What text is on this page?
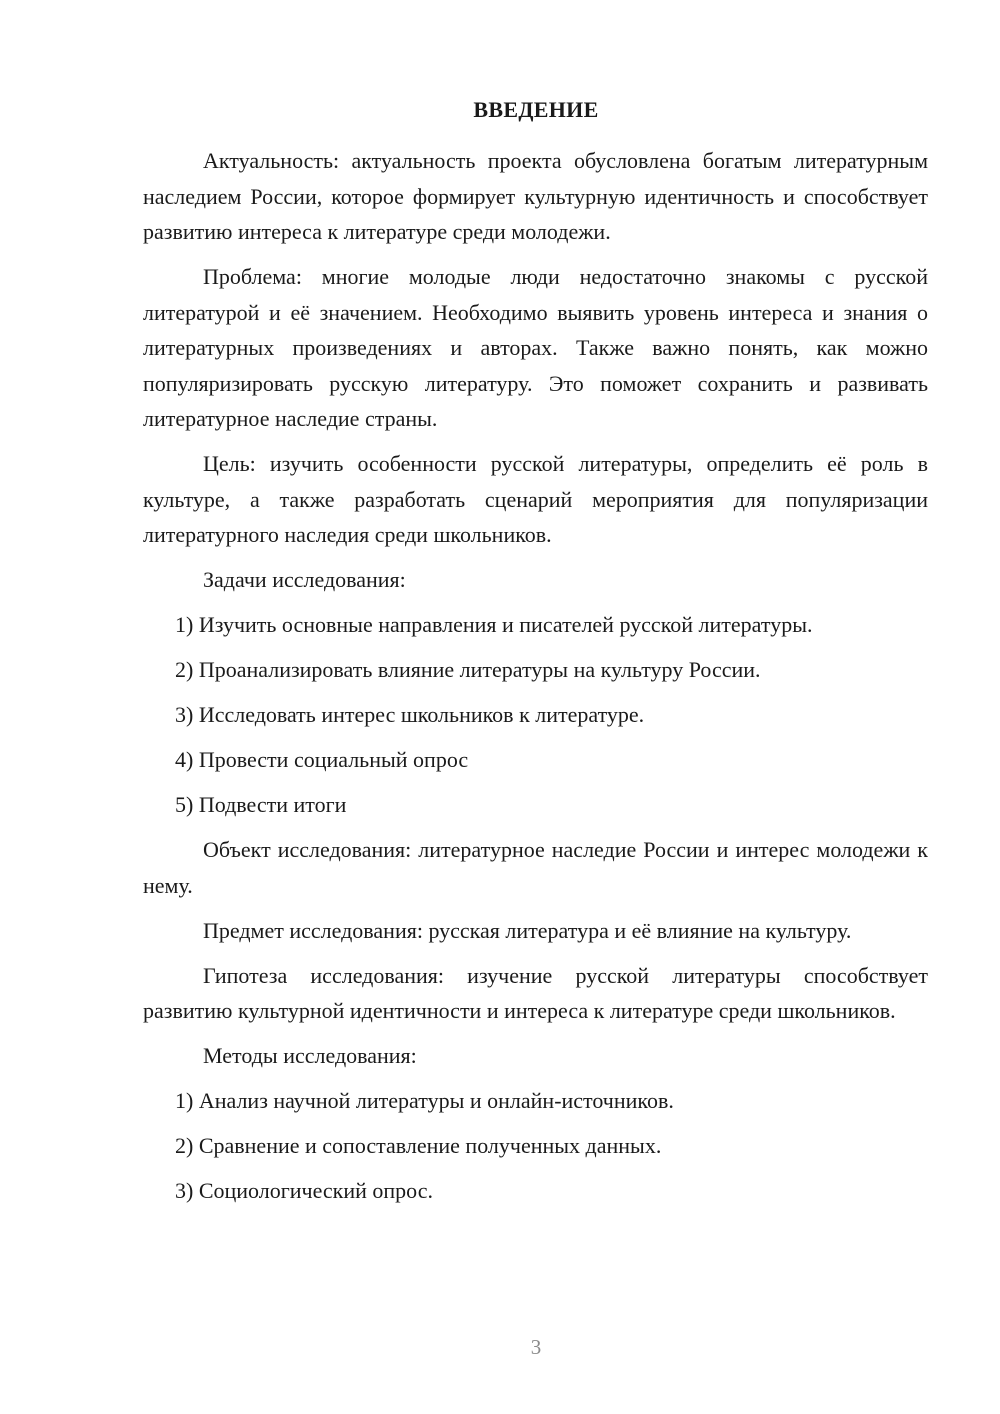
ВВЕДЕНИЕ

Актуальность: актуальность проекта обусловлена богатым литературным наследием России, которое формирует культурную идентичность и способствует развитию интереса к литературе среди молодежи.

Проблема: многие молодые люди недостаточно знакомы с русской литературой и её значением. Необходимо выявить уровень интереса и знания о литературных произведениях и авторах. Также важно понять, как можно популяризировать русскую литературу. Это поможет сохранить и развивать литературное наследие страны.

Цель: изучить особенности русской литературы, определить её роль в культуре, а также разработать сценарий мероприятия для популяризации литературного наследия среди школьников.

Задачи исследования:

1) Изучить основные направления и писателей русской литературы.
2) Проанализировать влияние литературы на культуру России.
3) Исследовать интерес школьников к литературе.
4) Провести социальный опрос
5) Подвести итоги

Объект исследования: литературное наследие России и интерес молодежи к нему.

Предмет исследования: русская литература и её влияние на культуру.

Гипотеза исследования: изучение русской литературы способствует развитию культурной идентичности и интереса к литературе среди школьников.

Методы исследования:

1) Анализ научной литературы и онлайн-источников.
2) Сравнение и сопоставление полученных данных.
3) Социологический опрос.
3
